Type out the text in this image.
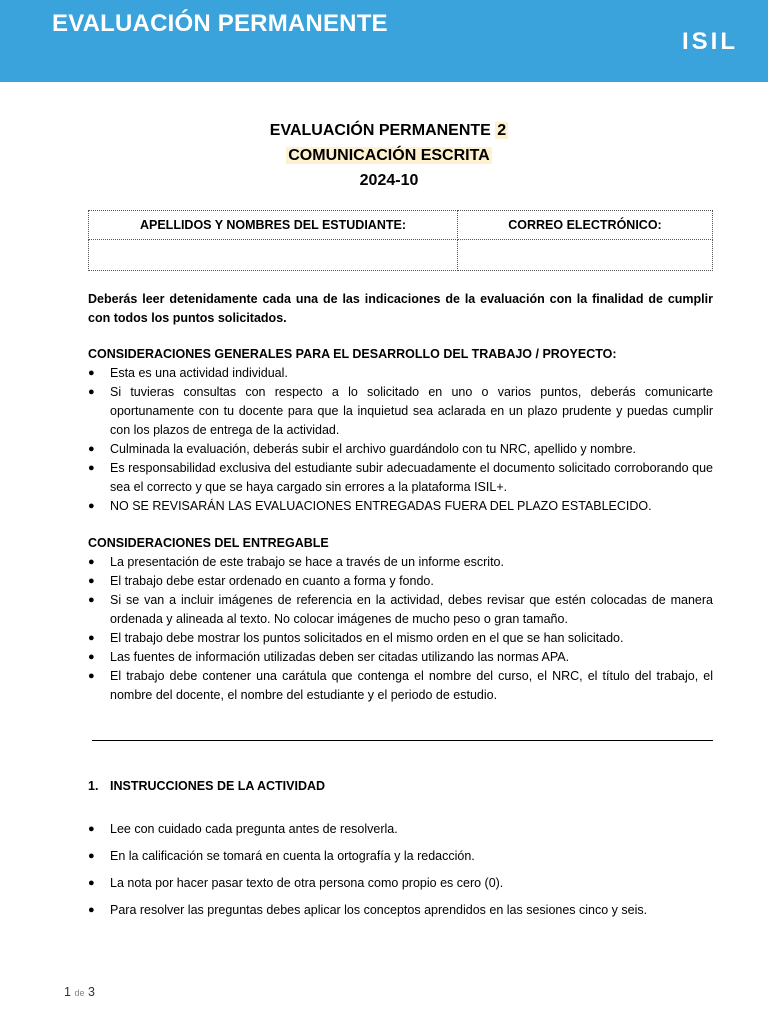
EVALUACIÓN PERMANENTE
ISIL
EVALUACIÓN PERMANENTE 2
COMUNICACIÓN ESCRITA
2024-10
APELLIDOS Y NOMBRES DEL ESTUDIANTE:	CORREO ELECTRÓNICO:

Deberás leer detenidamente cada una de las indicaciones de la evaluación con la finalidad de cumplir con todos los puntos solicitados.
CONSIDERACIONES GENERALES PARA EL DESARROLLO DEL TRABAJO / PROYECTO:
● Esta es una actividad individual.
● Si tuvieras consultas con respecto a lo solicitado en uno o varios puntos, deberás comunicarte oportunamente con tu docente para que la inquietud sea aclarada en un plazo prudente y puedas cumplir con los plazos de entrega de la actividad.
● Culminada la evaluación, deberás subir el archivo guardándolo con tu NRC, apellido y nombre.
● Es responsabilidad exclusiva del estudiante subir adecuadamente el documento solicitado corroborando que sea el correcto y que se haya cargado sin errores a la plataforma ISIL+.
● NO SE REVISARÁN LAS EVALUACIONES ENTREGADAS FUERA DEL PLAZO ESTABLECIDO.
CONSIDERACIONES DEL ENTREGABLE
● La presentación de este trabajo se hace a través de un informe escrito.
● El trabajo debe estar ordenado en cuanto a forma y fondo.
● Si se van a incluir imágenes de referencia en la actividad, debes revisar que estén colocadas de manera ordenada y alineada al texto. No colocar imágenes de mucho peso o gran tamaño.
● El trabajo debe mostrar los puntos solicitados en el mismo orden en el que se han solicitado.
● Las fuentes de información utilizadas deben ser citadas utilizando las normas APA.
● El trabajo debe contener una carátula que contenga el nombre del curso, el NRC, el título del trabajo, el nombre del docente, el nombre del estudiante y el periodo de estudio.
1. INSTRUCCIONES DE LA ACTIVIDAD
● Lee con cuidado cada pregunta antes de resolverla.
● En la calificación se tomará en cuenta la ortografía y la redacción.
● La nota por hacer pasar texto de otra persona como propio es cero (0).
● Para resolver las preguntas debes aplicar los conceptos aprendidos en las sesiones cinco y seis.
1 de 3
